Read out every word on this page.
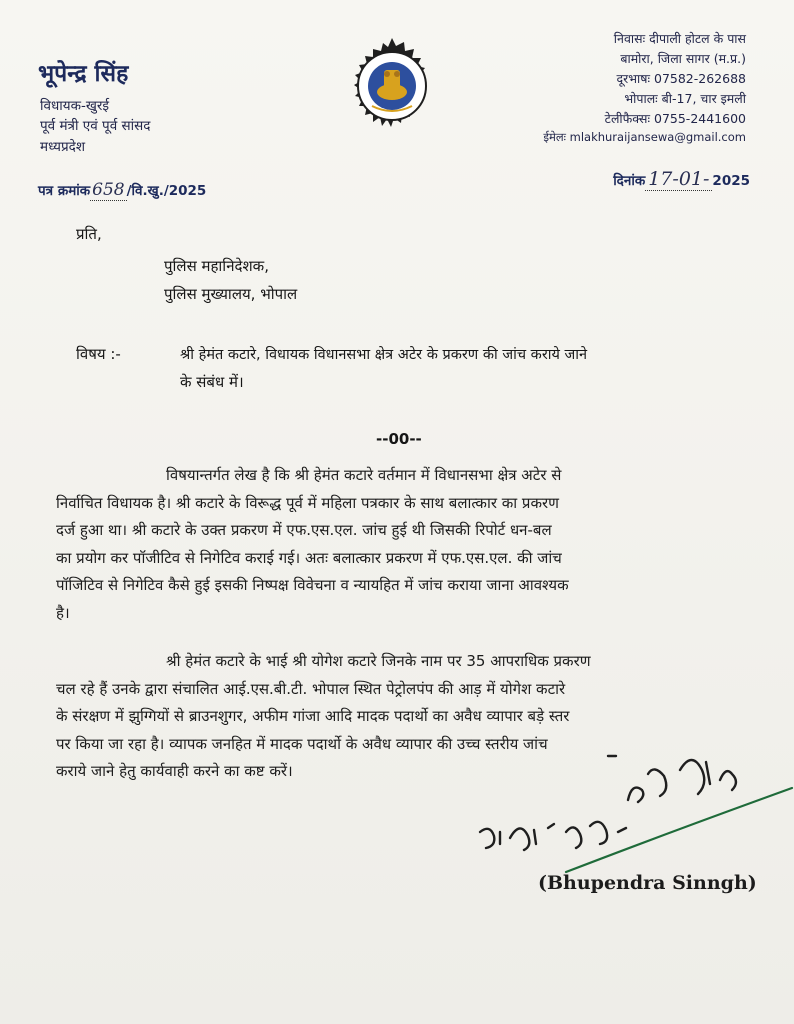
भूपेन्द्र सिंह
विधायक-खुरई
पूर्व मंत्री एवं पूर्व सांसद
मध्यप्रदेश
निवासः दीपाली होटल के पास
बामोरा, जिला सागर (म.प्र.)
दूरभाषः 07582-262688
भोपालः बी-17, चार इमली
टेलीफैक्सः 0755-2441600
ईमेलः mlakhuraijansewa@gmail.com
पत्र क्रमांक 658 /वि.खु./2025
दिनांक 17-01- 2025
प्रति,
पुलिस महानिदेशक,
पुलिस मुख्यालय, भोपाल
विषय :-	श्री हेमंत कटारे, विधायक विधानसभा क्षेत्र अटेर के प्रकरण की जांच कराये जाने
के संबंध में।
--00--
विषयान्तर्गत लेख है कि श्री हेमंत कटारे वर्तमान में विधानसभा क्षेत्र अटेर से
निर्वाचित विधायक है। श्री कटारे के विरूद्ध पूर्व में महिला पत्रकार के साथ बलात्कार का प्रकरण
दर्ज हुआ था। श्री कटारे के उक्त प्रकरण में एफ.एस.एल. जांच हुई थी जिसकी रिपोर्ट धन-बल
का प्रयोग कर पॉजीटिव से निगेटिव कराई गई। अतः बलात्कार प्रकरण में एफ.एस.एल. की जांच
पॉजिटिव से निगेटिव कैसे हुई इसकी निष्पक्ष विवेचना व न्यायहित में जांच कराया जाना आवश्यक
है।
श्री हेमंत कटारे के भाई श्री योगेश कटारे जिनके नाम पर 35 आपराधिक प्रकरण
चल रहे हैं उनके द्वारा संचालित आई.एस.बी.टी. भोपाल स्थित पेट्रोलपंप की आड़ में योगेश कटारे
के संरक्षण में झुग्गियों से ब्राउनशुगर, अफीम गांजा आदि मादक पदार्थो का अवैध व्यापार बड़े स्तर
पर किया जा रहा है। व्यापक जनहित में मादक पदार्थो के अवैध व्यापार की उच्च स्तरीय जांच
कराये जाने हेतु कार्यवाही करने का कष्ट करें।
(Bhupendra Sinngh)
